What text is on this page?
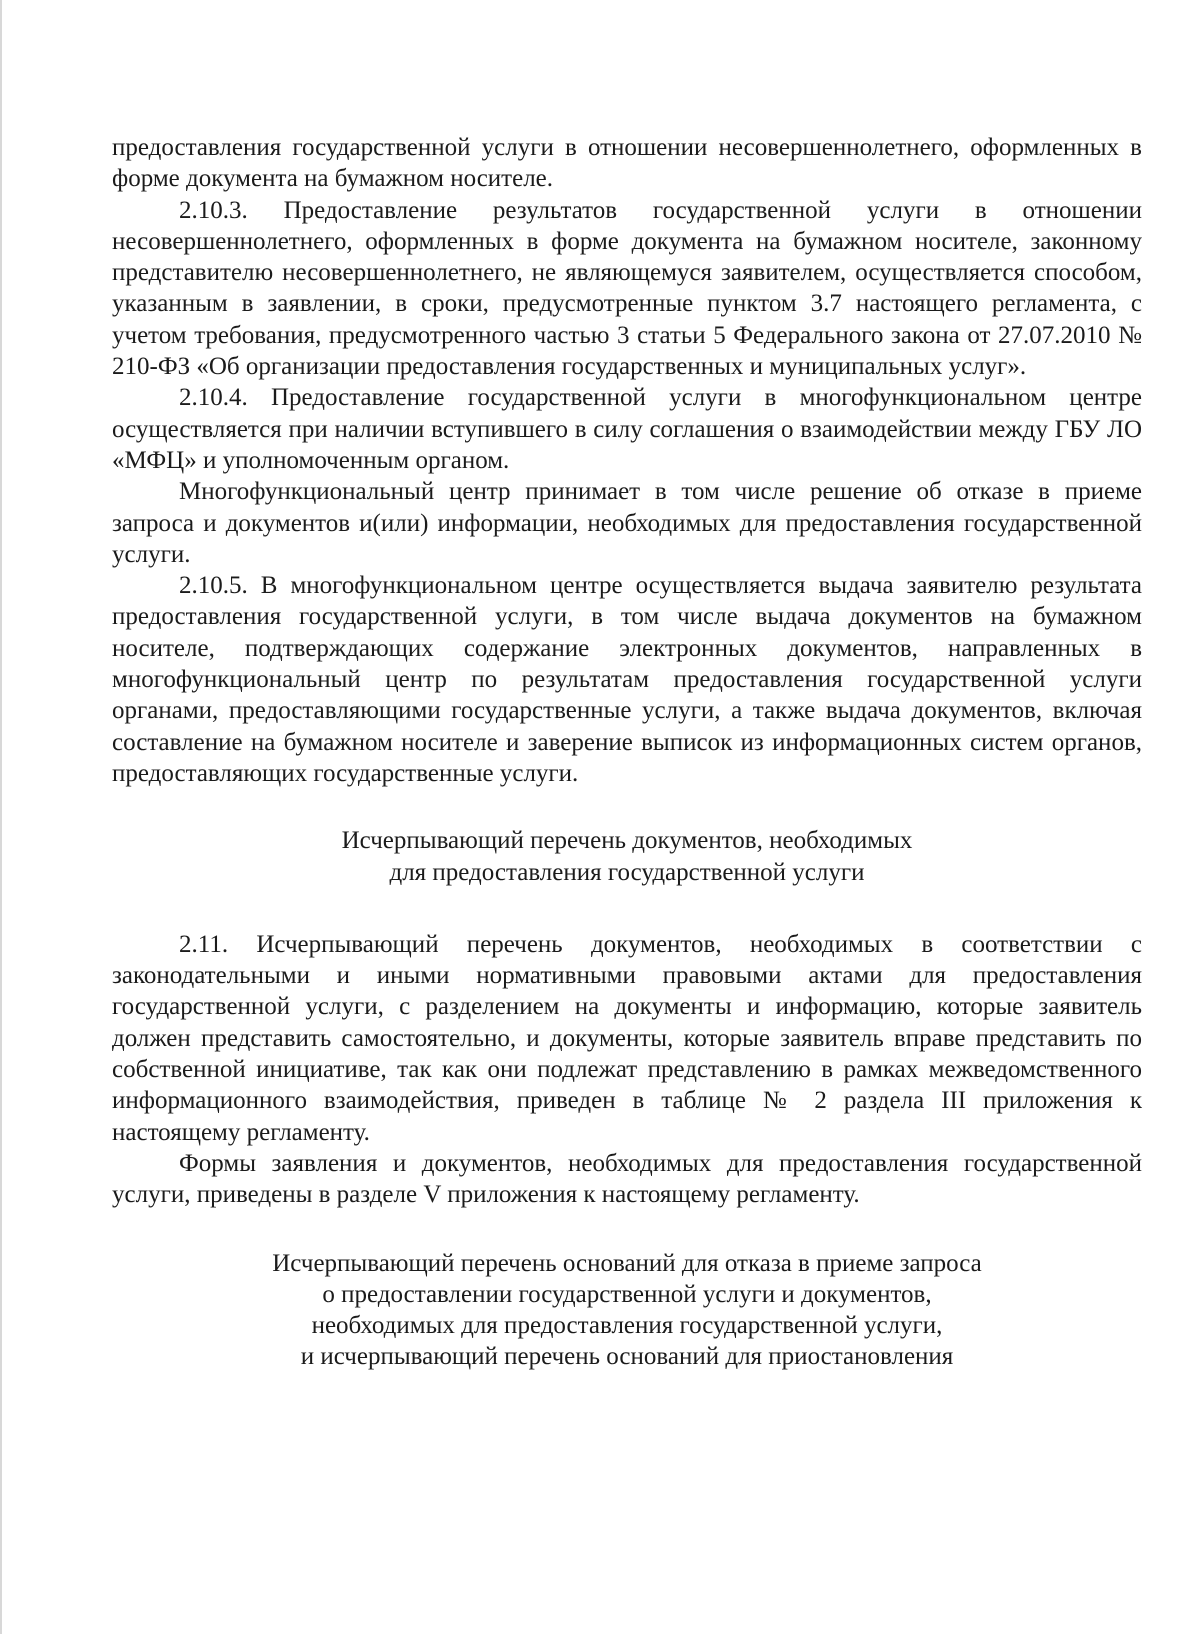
предоставления государственной услуги в отношении несовершеннолетнего, оформленных в форме документа на бумажном носителе.

2.10.3. Предоставление результатов государственной услуги в отношении несовершеннолетнего, оформленных в форме документа на бумажном носителе, законному представителю несовершеннолетнего, не являющемуся заявителем, осуществляется способом, указанным в заявлении, в сроки, предусмотренные пунктом 3.7 настоящего регламента, с учетом требования, предусмотренного частью 3 статьи 5 Федерального закона от 27.07.2010 № 210-ФЗ «Об организации предоставления государственных и муниципальных услуг».

2.10.4. Предоставление государственной услуги в многофункциональном центре осуществляется при наличии вступившего в силу соглашения о взаимодействии между ГБУ ЛО «МФЦ» и уполномоченным органом.

Многофункциональный центр принимает в том числе решение об отказе в приеме запроса и документов и(или) информации, необходимых для предоставления государственной услуги.

2.10.5. В многофункциональном центре осуществляется выдача заявителю результата предоставления государственной услуги, в том числе выдача документов на бумажном носителе, подтверждающих содержание электронных документов, направленных в многофункциональный центр по результатам предоставления государственной услуги органами, предоставляющими государственные услуги, а также выдача документов, включая составление на бумажном носителе и заверение выписок из информационных систем органов, предоставляющих государственные услуги.

Исчерпывающий перечень документов, необходимых

для предоставления государственной услуги

2.11. Исчерпывающий перечень документов, необходимых в соответствии с законодательными и иными нормативными правовыми актами для предоставления государственной услуги, с разделением на документы и информацию, которые заявитель должен представить самостоятельно, и документы, которые заявитель вправе представить по собственной инициативе, так как они подлежат представлению в рамках межведомственного информационного взаимодействия, приведен в таблице № 2 раздела III приложения к настоящему регламенту.

Формы заявления и документов, необходимых для предоставления государственной услуги, приведены в разделе V приложения к настоящему регламенту.

Исчерпывающий перечень оснований для отказа в приеме запроса

о предоставлении государственной услуги и документов,

необходимых для предоставления государственной услуги,

и исчерпывающий перечень оснований для приостановления
